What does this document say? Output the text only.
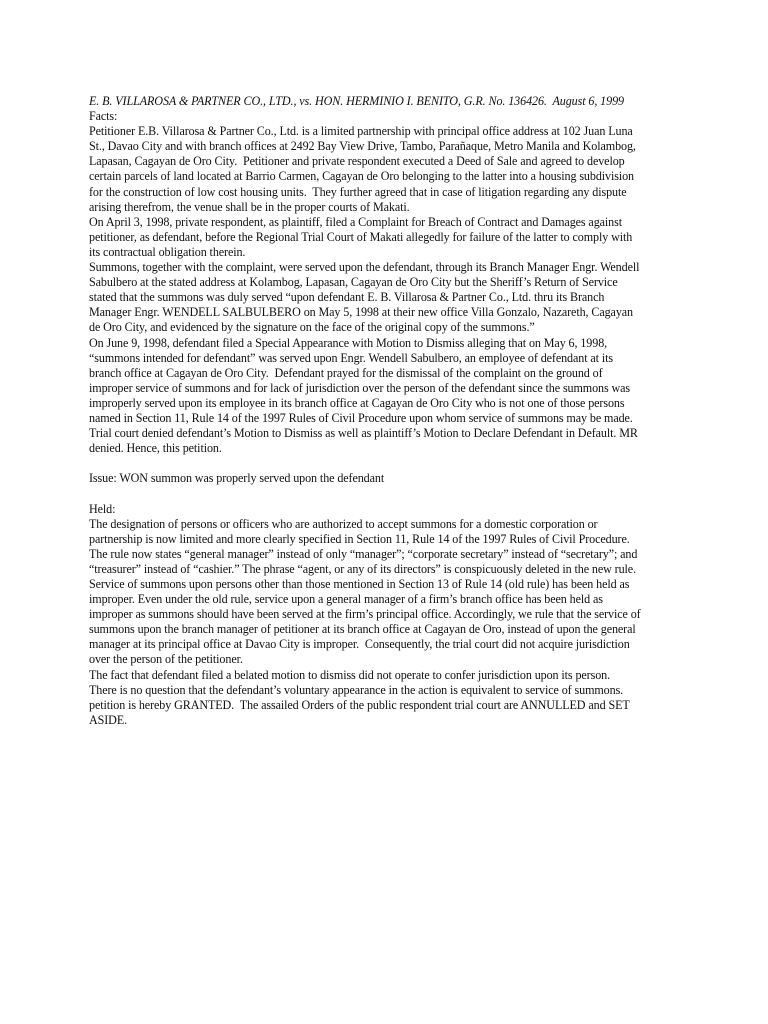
E. B. VILLAROSA & PARTNER CO., LTD., vs. HON. HERMINIO I. BENITO, G.R. No. 136426.  August 6, 1999
Facts:
Petitioner E.B. Villarosa & Partner Co., Ltd. is a limited partnership with principal office address at 102 Juan Luna
St., Davao City and with branch offices at 2492 Bay View Drive, Tambo, Parañaque, Metro Manila and Kolambog,
Lapasan, Cagayan de Oro City.  Petitioner and private respondent executed a Deed of Sale and agreed to develop
certain parcels of land located at Barrio Carmen, Cagayan de Oro belonging to the latter into a housing subdivision
for the construction of low cost housing units.  They further agreed that in case of litigation regarding any dispute
arising therefrom, the venue shall be in the proper courts of Makati.
On April 3, 1998, private respondent, as plaintiff, filed a Complaint for Breach of Contract and Damages against
petitioner, as defendant, before the Regional Trial Court of Makati allegedly for failure of the latter to comply with
its contractual obligation therein.
Summons, together with the complaint, were served upon the defendant, through its Branch Manager Engr. Wendell
Sabulbero at the stated address at Kolambog, Lapasan, Cagayan de Oro City but the Sheriff’s Return of Service
stated that the summons was duly served “upon defendant E. B. Villarosa & Partner Co., Ltd. thru its Branch
Manager Engr. WENDELL SALBULBERO on May 5, 1998 at their new office Villa Gonzalo, Nazareth, Cagayan
de Oro City, and evidenced by the signature on the face of the original copy of the summons.”
On June 9, 1998, defendant filed a Special Appearance with Motion to Dismiss alleging that on May 6, 1998,
“summons intended for defendant” was served upon Engr. Wendell Sabulbero, an employee of defendant at its
branch office at Cagayan de Oro City.  Defendant prayed for the dismissal of the complaint on the ground of
improper service of summons and for lack of jurisdiction over the person of the defendant since the summons was
improperly served upon its employee in its branch office at Cagayan de Oro City who is not one of those persons
named in Section 11, Rule 14 of the 1997 Rules of Civil Procedure upon whom service of summons may be made.
Trial court denied defendant’s Motion to Dismiss as well as plaintiff’s Motion to Declare Defendant in Default. MR
denied. Hence, this petition.
Issue: WON summon was properly served upon the defendant
Held:
The designation of persons or officers who are authorized to accept summons for a domestic corporation or
partnership is now limited and more clearly specified in Section 11, Rule 14 of the 1997 Rules of Civil Procedure.
The rule now states “general manager” instead of only “manager”; “corporate secretary” instead of “secretary”; and
“treasurer” instead of “cashier.” The phrase “agent, or any of its directors” is conspicuously deleted in the new rule.
Service of summons upon persons other than those mentioned in Section 13 of Rule 14 (old rule) has been held as
improper. Even under the old rule, service upon a general manager of a firm’s branch office has been held as
improper as summons should have been served at the firm’s principal office. Accordingly, we rule that the service of
summons upon the branch manager of petitioner at its branch office at Cagayan de Oro, instead of upon the general
manager at its principal office at Davao City is improper.  Consequently, the trial court did not acquire jurisdiction
over the person of the petitioner.
The fact that defendant filed a belated motion to dismiss did not operate to confer jurisdiction upon its person.
There is no question that the defendant’s voluntary appearance in the action is equivalent to service of summons.
petition is hereby GRANTED.  The assailed Orders of the public respondent trial court are ANNULLED and SET
ASIDE.
